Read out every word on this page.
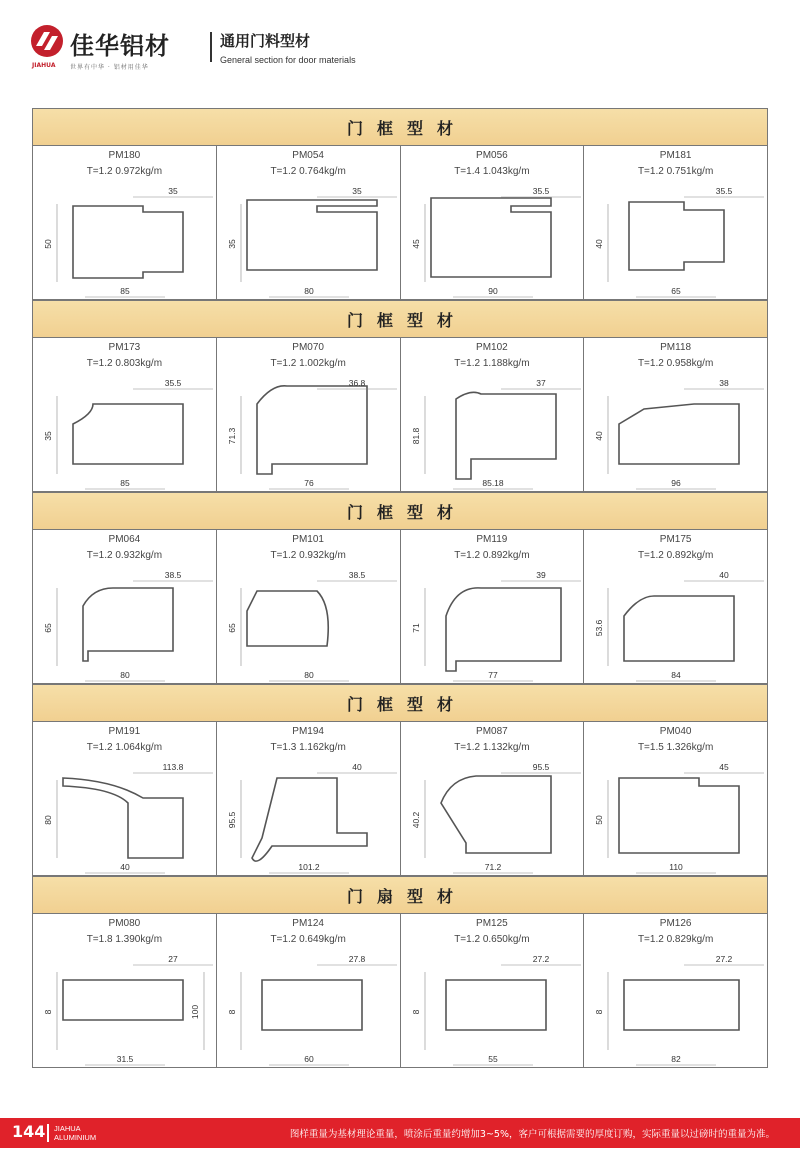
佳华铝材
JIAHUA 世界有中华 · 铝材用佳华
通用门料型材
General section for door materials
门框型材
PM180
T=1.2 0.972kg/m
35
50
85
PM054
T=1.2 0.764kg/m
35
35
80
PM056
T=1.4 1.043kg/m
35.5
45
90
PM181
T=1.2 0.751kg/m
35.5
40
65
门框型材
PM173
T=1.2 0.803kg/m
35.5
35
85
PM070
T=1.2 1.002kg/m
36.8
71.3
76
PM102
T=1.2 1.188kg/m
37
81.8
85.18
PM118
T=1.2 0.958kg/m
38
40
96
门框型材
PM064
T=1.2 0.932kg/m
38.5
65
80
PM101
T=1.2 0.932kg/m
38.5
65
80
PM119
T=1.2 0.892kg/m
39
71
77
PM175
T=1.2 0.892kg/m
40
53.6
84
门框型材
PM191
T=1.2 1.064kg/m
113.8
80
40
PM194
T=1.3 1.162kg/m
40
95.5
101.2
PM087
T=1.2 1.132kg/m
95.5
40.2
71.2
PM040
T=1.5 1.326kg/m
45
50
110
门扇型材
PM080
T=1.8 1.390kg/m
27
8
31.5
100
PM124
T=1.2 0.649kg/m
27.8
8
60
PM125
T=1.2 0.650kg/m
27.2
8
55
PM126
T=1.2 0.829kg/m
27.2
8
82
144 JIAHUA
ALUMINIUM	图样重量为基材理论重量，喷涂后重量约增加3~5%，客户可根据需要的厚度订购，实际重量以过磅时的重量为准。
